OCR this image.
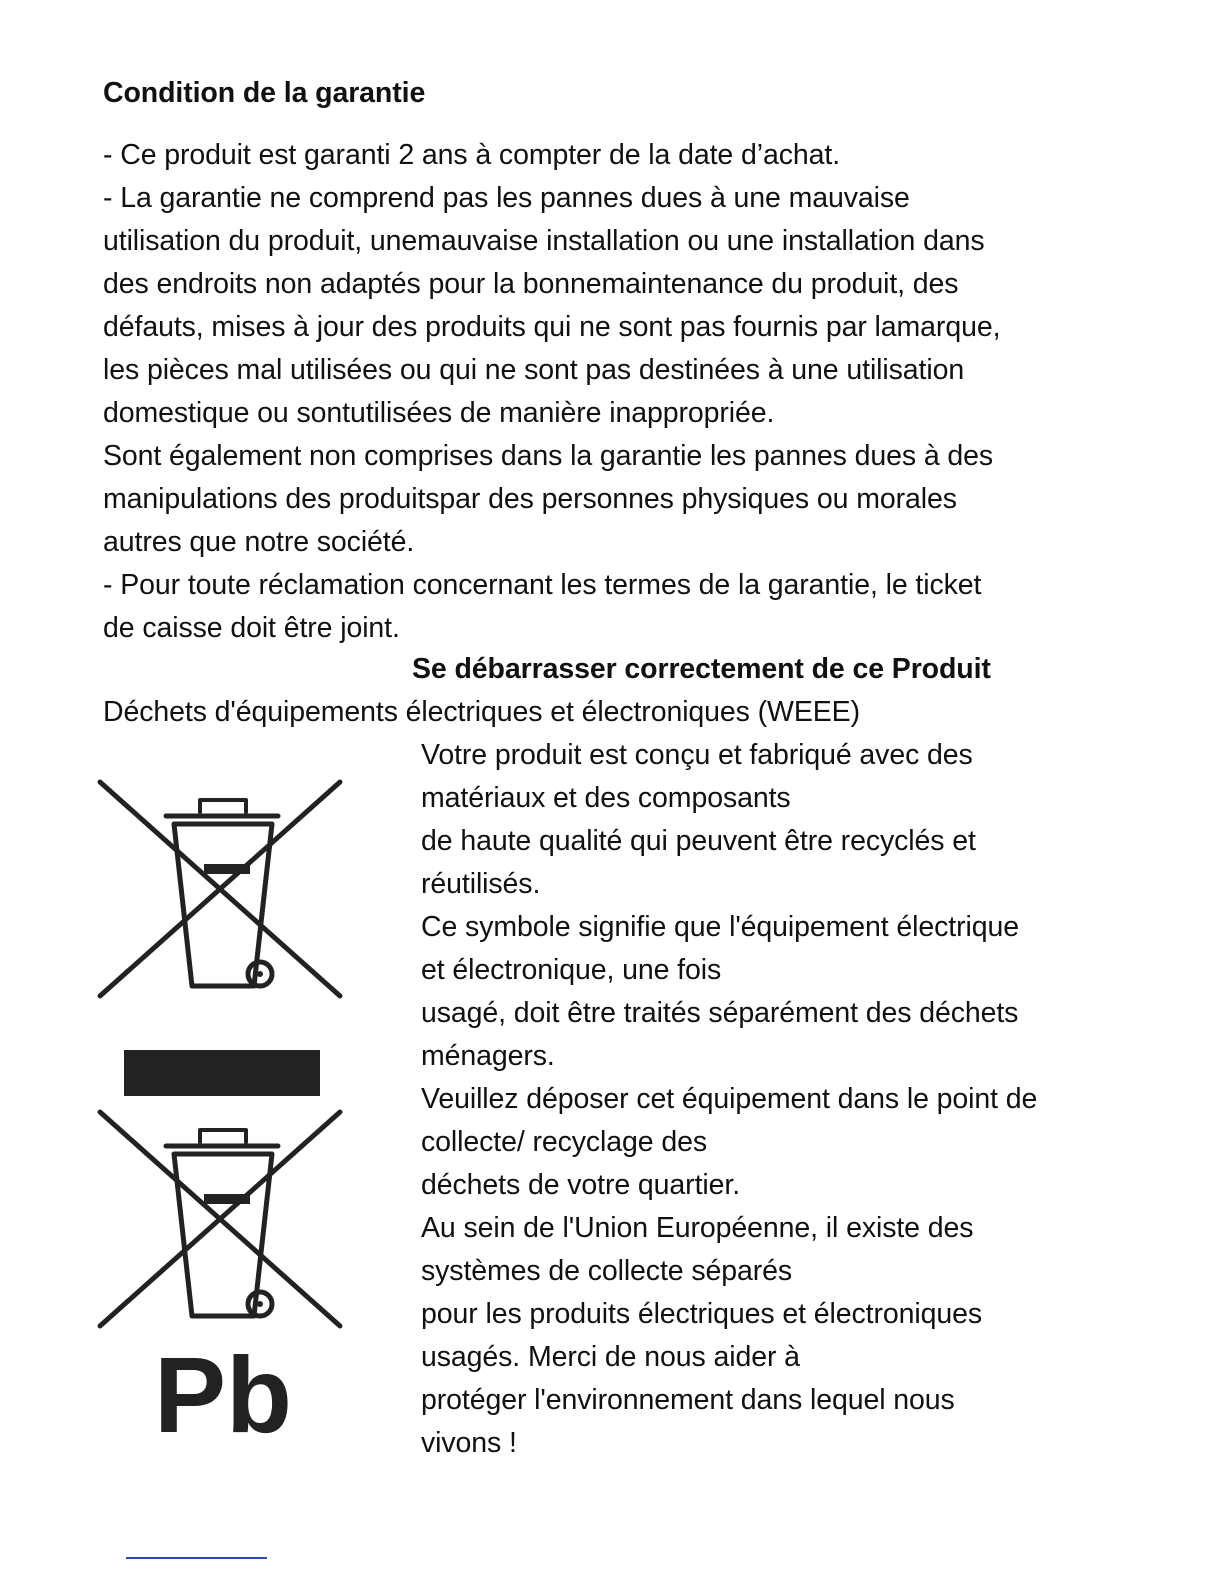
Condition de la garantie
- Ce produit est garanti 2 ans à compter de la date d’achat.
- La garantie ne comprend pas les pannes dues à une mauvaise
utilisation du produit, unemauvaise installation ou une installation dans
des endroits non adaptés pour la bonnemaintenance du produit, des
défauts, mises à jour des produits qui ne sont pas fournis par lamarque,
les pièces mal utilisées ou qui ne sont pas destinées à une utilisation
domestique ou sontutilisées de manière inappropriée.
Sont également non comprises dans la garantie les pannes dues à des
manipulations des produitspar des personnes physiques ou morales
autres que notre société.
- Pour toute réclamation concernant les termes de la garantie, le ticket
de caisse doit être joint.
Se débarrasser correctement de ce Produit
Déchets d'équipements électriques et électroniques (WEEE)
Votre produit est conçu et fabriqué avec des
matériaux et des composants
de haute qualité qui peuvent être recyclés et
réutilisés.
Ce symbole signifie que l'équipement électrique
et électronique, une fois
usagé, doit être traités séparément des déchets
ménagers.
Veuillez déposer cet équipement dans le point de
collecte/ recyclage des
déchets de votre quartier.
Au sein de l'Union Européenne, il existe des
systèmes de collecte séparés
pour les produits électriques et électroniques
usagés. Merci de nous aider à
protéger l'environnement dans lequel nous
vivons !
Pb
